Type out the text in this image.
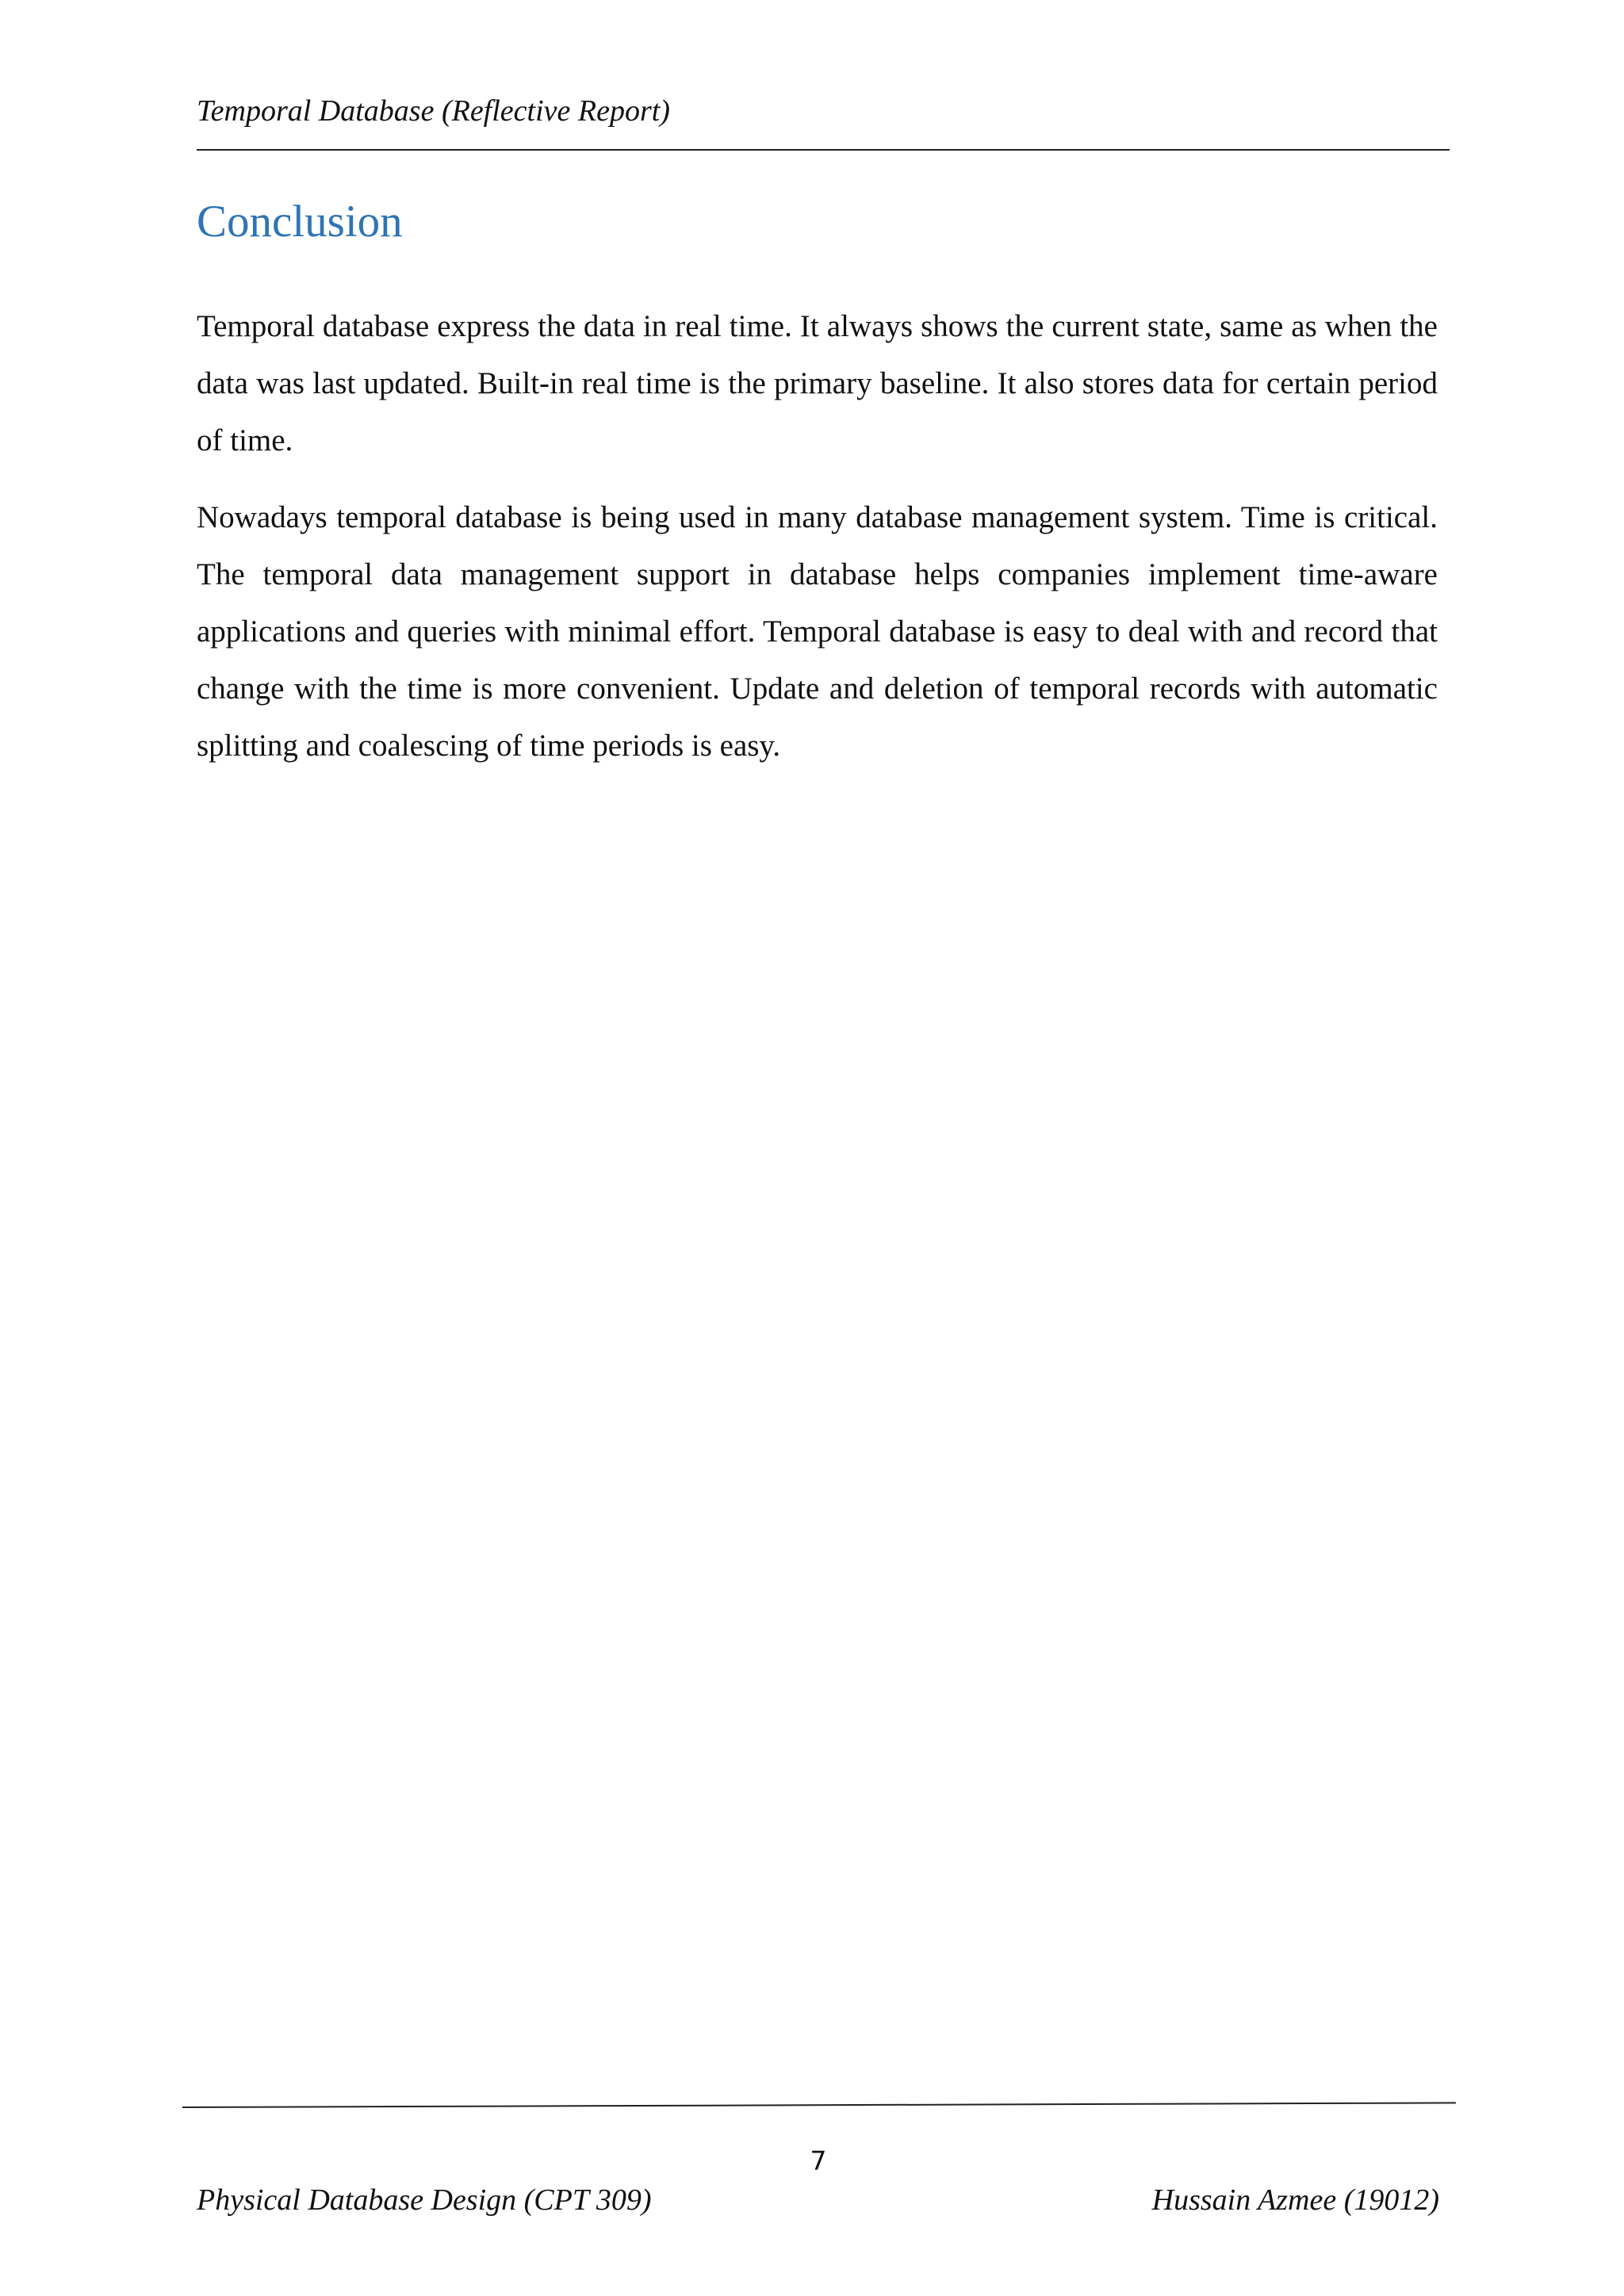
Temporal Database (Reflective Report)
Conclusion

Temporal database express the data in real time. It always shows the current state, same as when the data was last updated. Built-in real time is the primary baseline. It also stores data for certain period of time.

Nowadays temporal database is being used in many database management system. Time is critical. The temporal data management support in database helps companies implement time-aware applications and queries with minimal effort. Temporal database is easy to deal with and record that change with the time is more convenient. Update and deletion of temporal records with automatic splitting and coalescing of time periods is easy.

7
Physical Database Design (CPT 309)	Hussain Azmee (19012)
